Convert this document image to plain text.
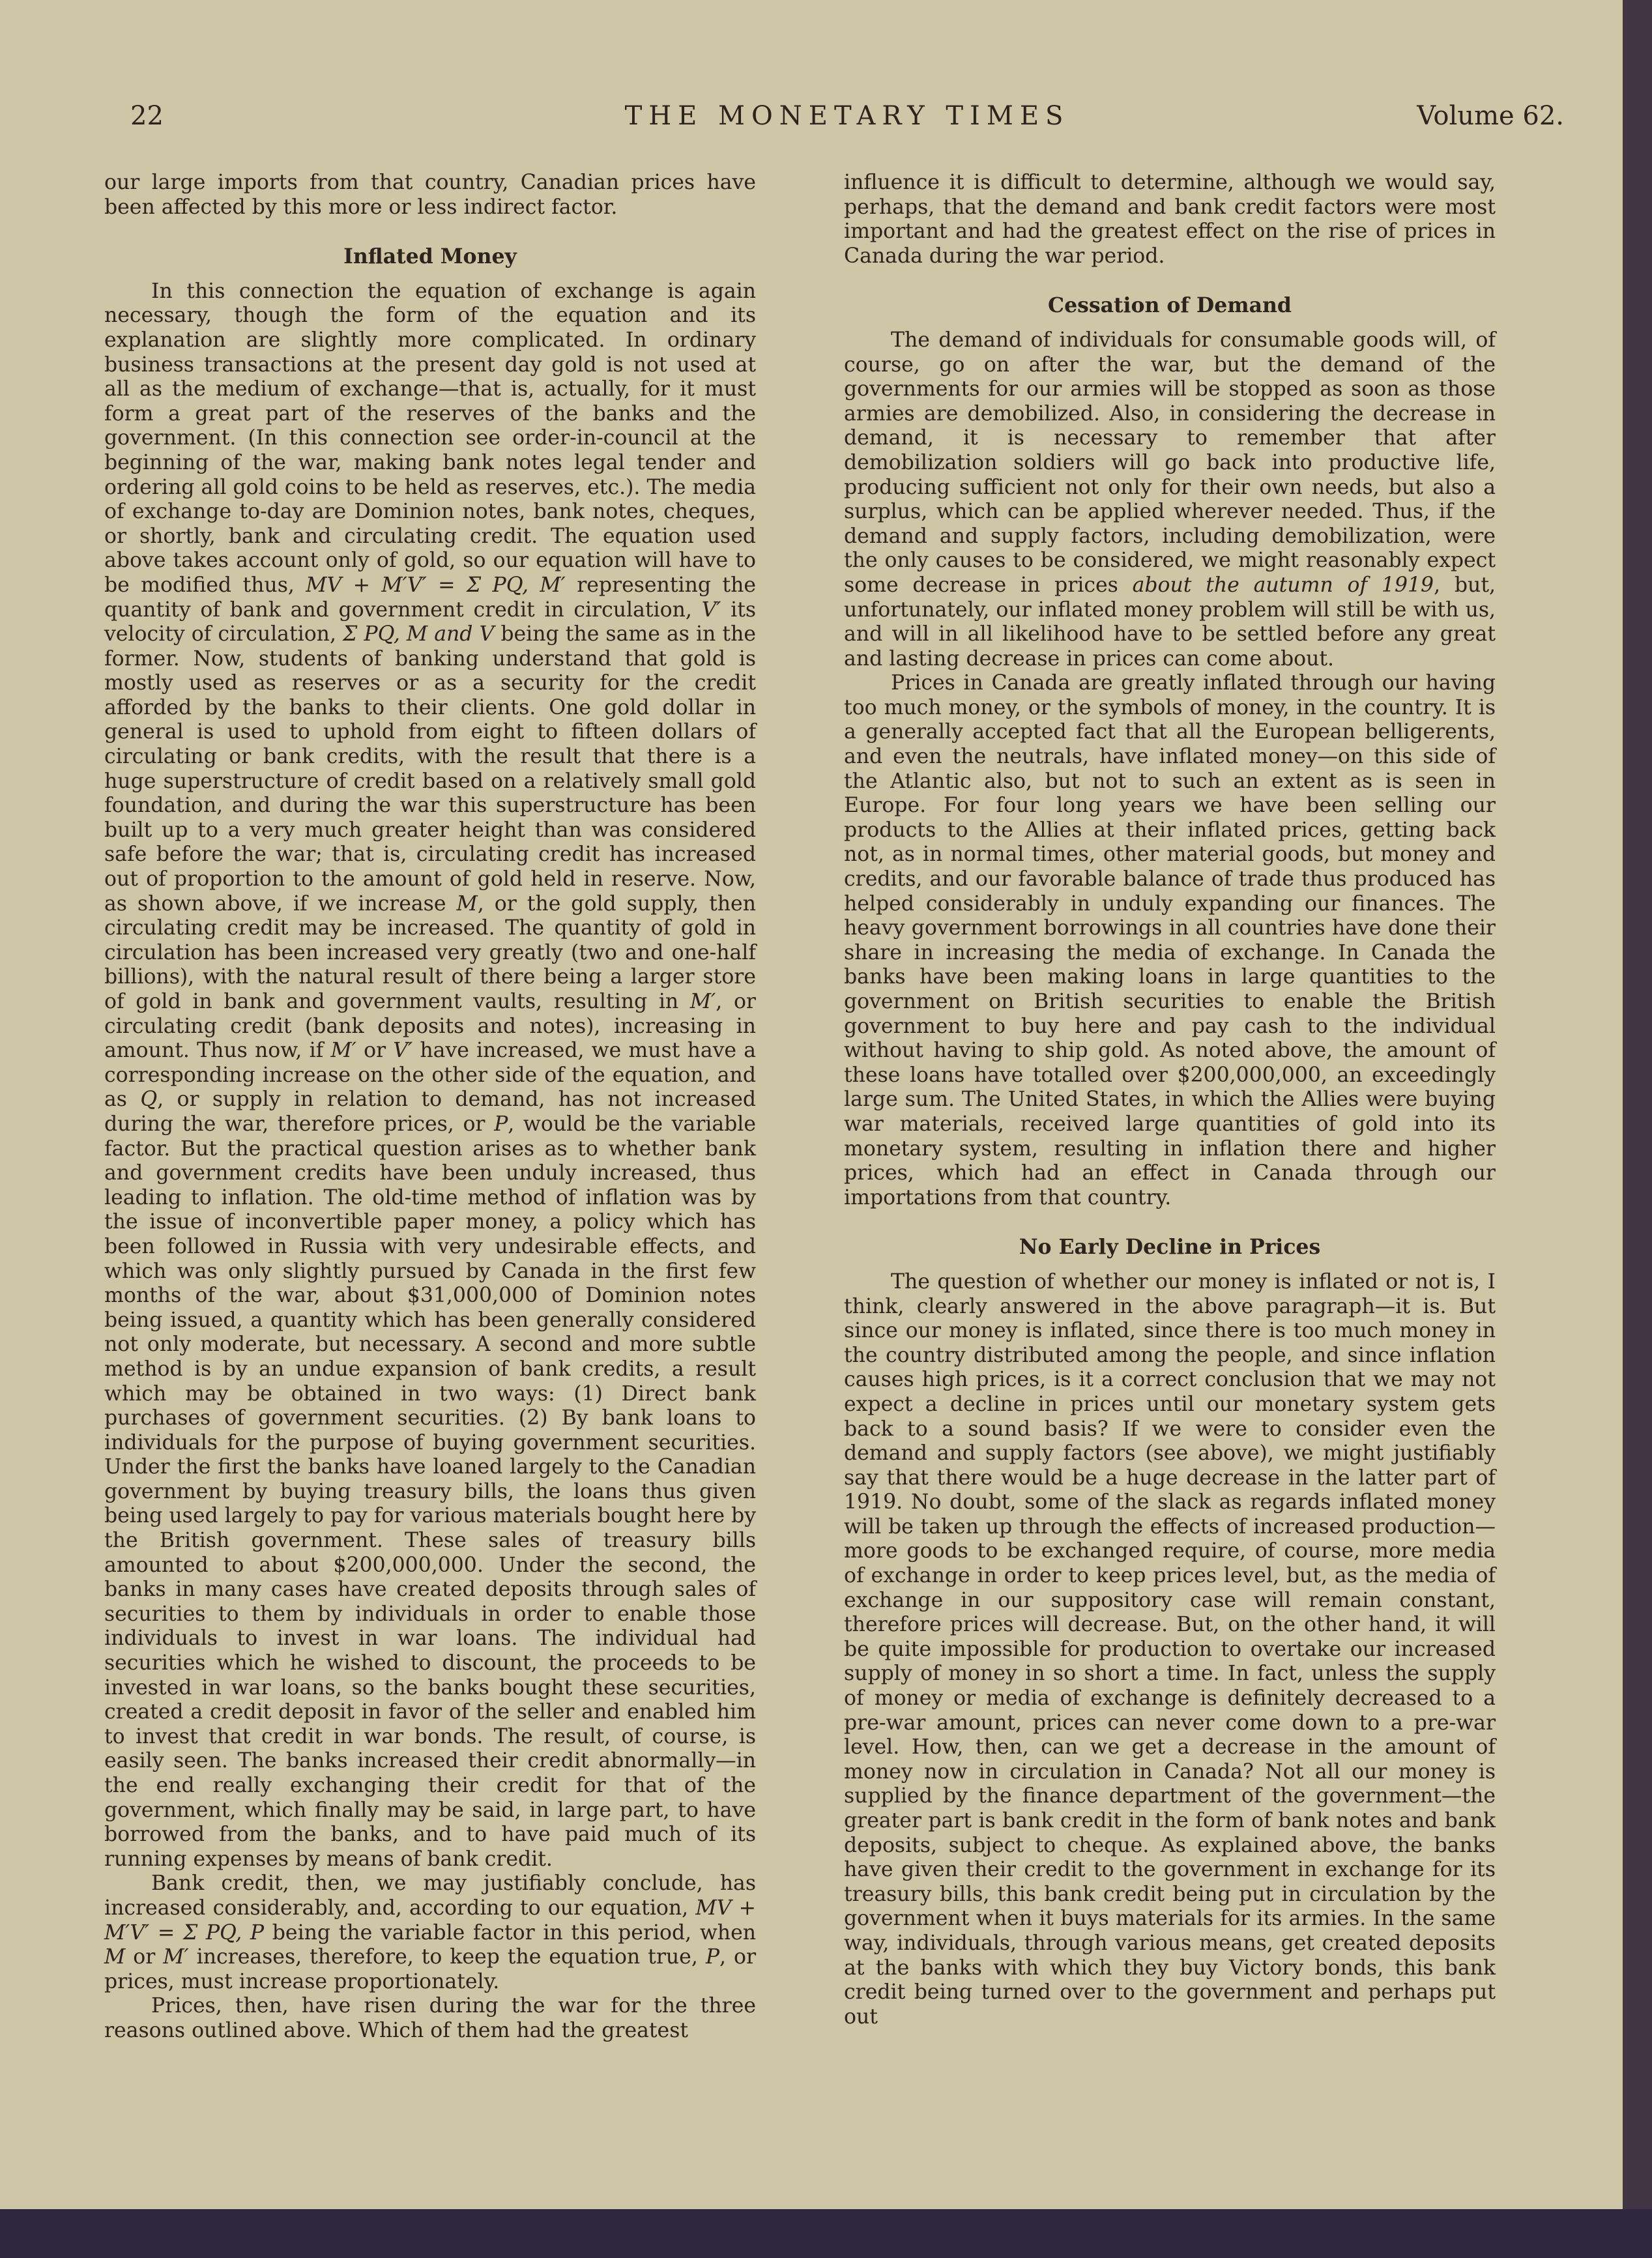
22	THE MONETARY TIMES	Volume 62.

our large imports from that country, Canadian prices have been affected by this more or less indirect factor.

Inflated Money

In this connection the equation of exchange is again necessary, though the form of the equation and its explanation are slightly more complicated. In ordinary business transactions at the present day gold is not used at all as the medium of exchange—that is, actually, for it must form a great part of the reserves of the banks and the government. (In this connection see order-in-council at the beginning of the war, making bank notes legal tender and ordering all gold coins to be held as reserves, etc.). The media of exchange to-day are Dominion notes, bank notes, cheques, or shortly, bank and circulating credit. The equation used above takes account only of gold, so our equation will have to be modified thus, MV + M′V′ = Σ PQ, M′ representing the quantity of bank and government credit in circulation, V′ its velocity of circulation, Σ PQ, M and V being the same as in the former. Now, students of banking understand that gold is mostly used as reserves or as a security for the credit afforded by the banks to their clients. One gold dollar in general is used to uphold from eight to fifteen dollars of circulating or bank credits, with the result that there is a huge superstructure of credit based on a relatively small gold foundation, and during the war this superstructure has been built up to a very much greater height than was considered safe before the war; that is, circulating credit has increased out of proportion to the amount of gold held in reserve. Now, as shown above, if we increase M, or the gold supply, then circulating credit may be increased. The quantity of gold in circulation has been increased very greatly (two and one-half billions), with the natural result of there being a larger store of gold in bank and government vaults, resulting in M′, or circulating credit (bank deposits and notes), increasing in amount. Thus now, if M′ or V′ have increased, we must have a corresponding increase on the other side of the equation, and as Q, or supply in relation to demand, has not increased during the war, therefore prices, or P, would be the variable factor. But the practical question arises as to whether bank and government credits have been unduly increased, thus leading to inflation. The old-time method of inflation was by the issue of inconvertible paper money, a policy which has been followed in Russia with very undesirable effects, and which was only slightly pursued by Canada in the first few months of the war, about $31,000,000 of Dominion notes being issued, a quantity which has been generally considered not only moderate, but necessary. A second and more subtle method is by an undue expansion of bank credits, a result which may be obtained in two ways: (1) Direct bank purchases of government securities. (2) By bank loans to individuals for the purpose of buying government securities. Under the first the banks have loaned largely to the Canadian government by buying treasury bills, the loans thus given being used largely to pay for various materials bought here by the British government. These sales of treasury bills amounted to about $200,000,000. Under the second, the banks in many cases have created deposits through sales of securities to them by individuals in order to enable those individuals to invest in war loans. The individual had securities which he wished to discount, the proceeds to be invested in war loans, so the banks bought these securities, created a credit deposit in favor of the seller and enabled him to invest that credit in war bonds. The result, of course, is easily seen. The banks increased their credit abnormally—in the end really exchanging their credit for that of the government, which finally may be said, in large part, to have borrowed from the banks, and to have paid much of its running expenses by means of bank credit.

Bank credit, then, we may justifiably conclude, has increased considerably, and, according to our equation, MV + M′V′ = Σ PQ, P being the variable factor in this period, when M or M′ increases, therefore, to keep the equation true, P, or prices, must increase proportionately.

Prices, then, have risen during the war for the three reasons outlined above. Which of them had the greatest

influence it is difficult to determine, although we would say, perhaps, that the demand and bank credit factors were most important and had the greatest effect on the rise of prices in Canada during the war period.

Cessation of Demand

The demand of individuals for consumable goods will, of course, go on after the war, but the demand of the governments for our armies will be stopped as soon as those armies are demobilized. Also, in considering the decrease in demand, it is necessary to remember that after demobilization soldiers will go back into productive life, producing sufficient not only for their own needs, but also a surplus, which can be applied wherever needed. Thus, if the demand and supply factors, including demobilization, were the only causes to be considered, we might reasonably expect some decrease in prices about the autumn of 1919, but, unfortunately, our inflated money problem will still be with us, and will in all likelihood have to be settled before any great and lasting decrease in prices can come about.

Prices in Canada are greatly inflated through our having too much money, or the symbols of money, in the country. It is a generally accepted fact that all the European belligerents, and even the neutrals, have inflated money—on this side of the Atlantic also, but not to such an extent as is seen in Europe. For four long years we have been selling our products to the Allies at their inflated prices, getting back not, as in normal times, other material goods, but money and credits, and our favorable balance of trade thus produced has helped considerably in unduly expanding our finances. The heavy government borrowings in all countries have done their share in increasing the media of exchange. In Canada the banks have been making loans in large quantities to the government on British securities to enable the British government to buy here and pay cash to the individual without having to ship gold. As noted above, the amount of these loans have totalled over $200,000,000, an exceedingly large sum. The United States, in which the Allies were buying war materials, received large quantities of gold into its monetary system, resulting in inflation there and higher prices, which had an effect in Canada through our importations from that country.

No Early Decline in Prices

The question of whether our money is inflated or not is, I think, clearly answered in the above paragraph—it is. But since our money is inflated, since there is too much money in the country distributed among the people, and since inflation causes high prices, is it a correct conclusion that we may not expect a decline in prices until our monetary system gets back to a sound basis? If we were to consider even the demand and supply factors (see above), we might justifiably say that there would be a huge decrease in the latter part of 1919. No doubt, some of the slack as regards inflated money will be taken up through the effects of increased production—more goods to be exchanged require, of course, more media of exchange in order to keep prices level, but, as the media of exchange in our suppository case will remain constant, therefore prices will decrease. But, on the other hand, it will be quite impossible for production to overtake our increased supply of money in so short a time. In fact, unless the supply of money or media of exchange is definitely decreased to a pre-war amount, prices can never come down to a pre-war level. How, then, can we get a decrease in the amount of money now in circulation in Canada? Not all our money is supplied by the finance department of the government—the greater part is bank credit in the form of bank notes and bank deposits, subject to cheque. As explained above, the banks have given their credit to the government in exchange for its treasury bills, this bank credit being put in circulation by the government when it buys materials for its armies. In the same way, individuals, through various means, get created deposits at the banks with which they buy Victory bonds, this bank credit being turned over to the government and perhaps put out
